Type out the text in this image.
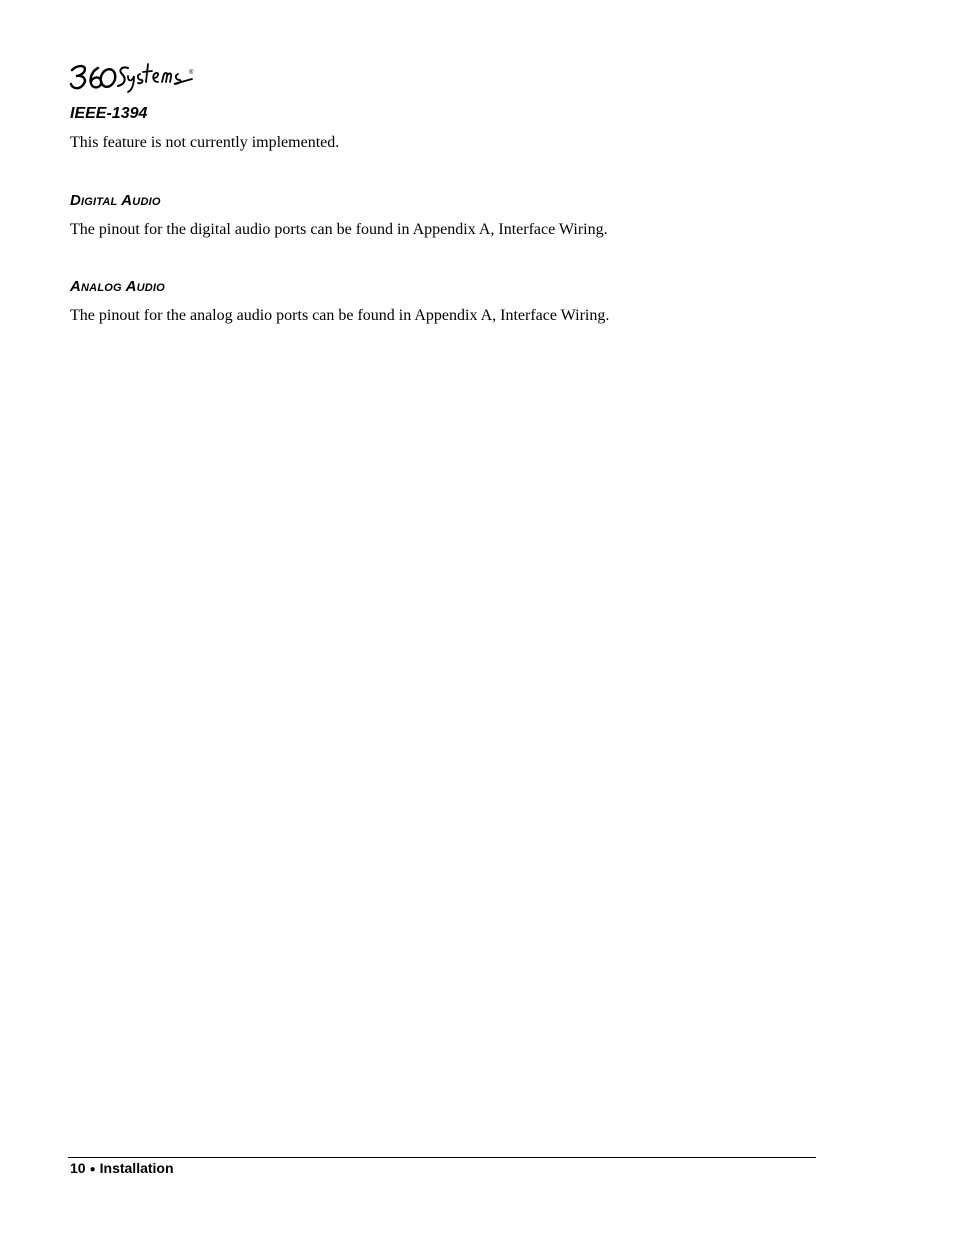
®
IEEE-1394

This feature is not currently implemented.

Digital Audio

The pinout for the digital audio ports can be found in Appendix A, Interface Wiring.

Analog Audio

The pinout for the analog audio ports can be found in Appendix A, Interface Wiring.

10 ● Installation
